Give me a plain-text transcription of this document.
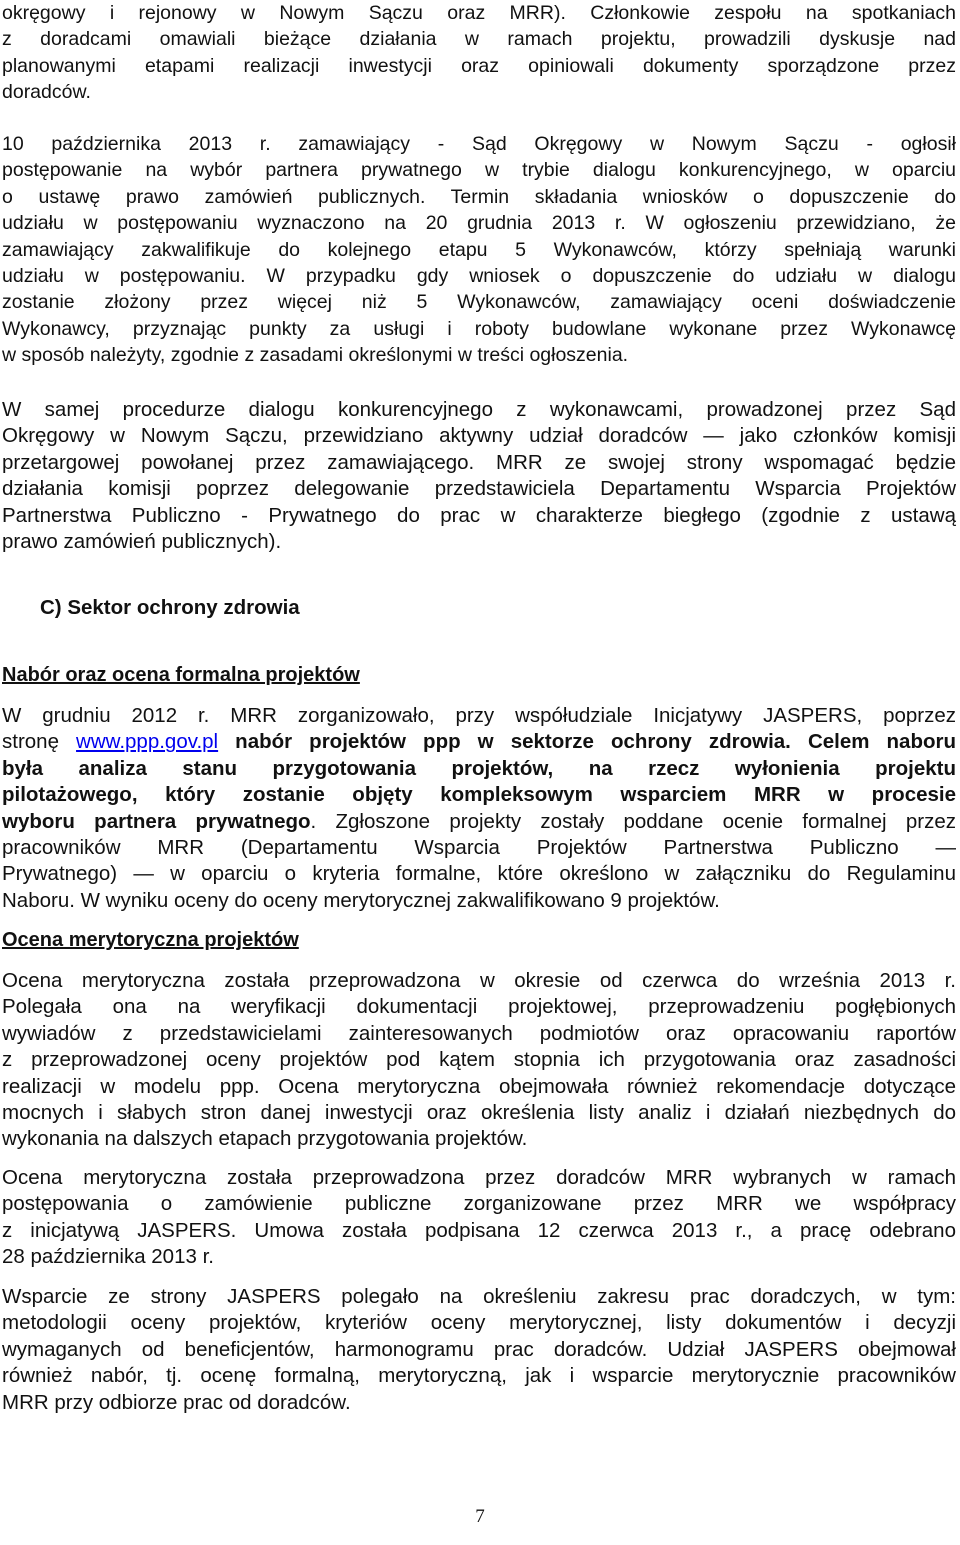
okręgowy i rejonowy w Nowym Sączu oraz MRR). Członkowie zespołu na spotkaniach
z doradcami omawiali bieżące działania w ramach projektu, prowadzili dyskusje nad
planowanymi etapami realizacji inwestycji oraz opiniowali dokumenty sporządzone przez
doradców.

10 października 2013 r. zamawiający - Sąd Okręgowy w Nowym Sączu - ogłosił
postępowanie na wybór partnera prywatnego w trybie dialogu konkurencyjnego, w oparciu
o ustawę prawo zamówień publicznych. Termin składania wniosków o dopuszczenie do
udziału w postępowaniu wyznaczono na 20 grudnia 2013 r. W ogłoszeniu przewidziano, że
zamawiający zakwalifikuje do kolejnego etapu 5 Wykonawców, którzy spełniają warunki
udziału w postępowaniu. W przypadku gdy wniosek o dopuszczenie do udziału w dialogu
zostanie złożony przez więcej niż 5 Wykonawców, zamawiający oceni doświadczenie
Wykonawcy, przyznając punkty za usługi i roboty budowlane wykonane przez Wykonawcę
w sposób należyty, zgodnie z zasadami określonymi w treści ogłoszenia.

W samej procedurze dialogu konkurencyjnego z wykonawcami, prowadzonej przez Sąd
Okręgowy w Nowym Sączu, przewidziano aktywny udział doradców — jako członków komisji
przetargowej powołanej przez zamawiającego. MRR ze swojej strony wspomagać będzie
działania komisji poprzez delegowanie przedstawiciela Departamentu Wsparcia Projektów
Partnerstwa Publiczno - Prywatnego do prac w charakterze biegłego (zgodnie z ustawą
prawo zamówień publicznych).

C) Sektor ochrony zdrowia
Nabór oraz ocena formalna projektów

W grudniu 2012 r. MRR zorganizowało, przy współudziale Inicjatywy JASPERS, poprzez
stronę www.ppp.gov.pl nabór projektów ppp w sektorze ochrony zdrowia. Celem naboru
była analiza stanu przygotowania projektów, na rzecz wyłonienia projektu
pilotażowego, który zostanie objęty kompleksowym wsparciem MRR w procesie
wyboru partnera prywatnego. Zgłoszone projekty zostały poddane ocenie formalnej przez
pracowników MRR (Departamentu Wsparcia Projektów Partnerstwa Publiczno —
Prywatnego) — w oparciu o kryteria formalne, które określono w załączniku do Regulaminu
Naboru. W wyniku oceny do oceny merytorycznej zakwalifikowano 9 projektów.

Ocena merytoryczna projektów

Ocena merytoryczna została przeprowadzona w okresie od czerwca do września 2013 r.
Polegała ona na weryfikacji dokumentacji projektowej, przeprowadzeniu pogłębionych
wywiadów z przedstawicielami zainteresowanych podmiotów oraz opracowaniu raportów
z przeprowadzonej oceny projektów pod kątem stopnia ich przygotowania oraz zasadności
realizacji w modelu ppp. Ocena merytoryczna obejmowała również rekomendacje dotyczące
mocnych i słabych stron danej inwestycji oraz określenia listy analiz i działań niezbędnych do
wykonania na dalszych etapach przygotowania projektów.

Ocena merytoryczna została przeprowadzona przez doradców MRR wybranych w ramach
postępowania o zamówienie publiczne zorganizowane przez MRR we współpracy
z inicjatywą JASPERS. Umowa została podpisana 12 czerwca 2013 r., a pracę odebrano
28 października 2013 r.

Wsparcie ze strony JASPERS polegało na określeniu zakresu prac doradczych, w tym:
metodologii oceny projektów, kryteriów oceny merytorycznej, listy dokumentów i decyzji
wymaganych od beneficjentów, harmonogramu prac doradców. Udział JASPERS obejmował
również nabór, tj. ocenę formalną, merytoryczną, jak i wsparcie merytorycznie pracowników
MRR przy odbiorze prac od doradców.

7
